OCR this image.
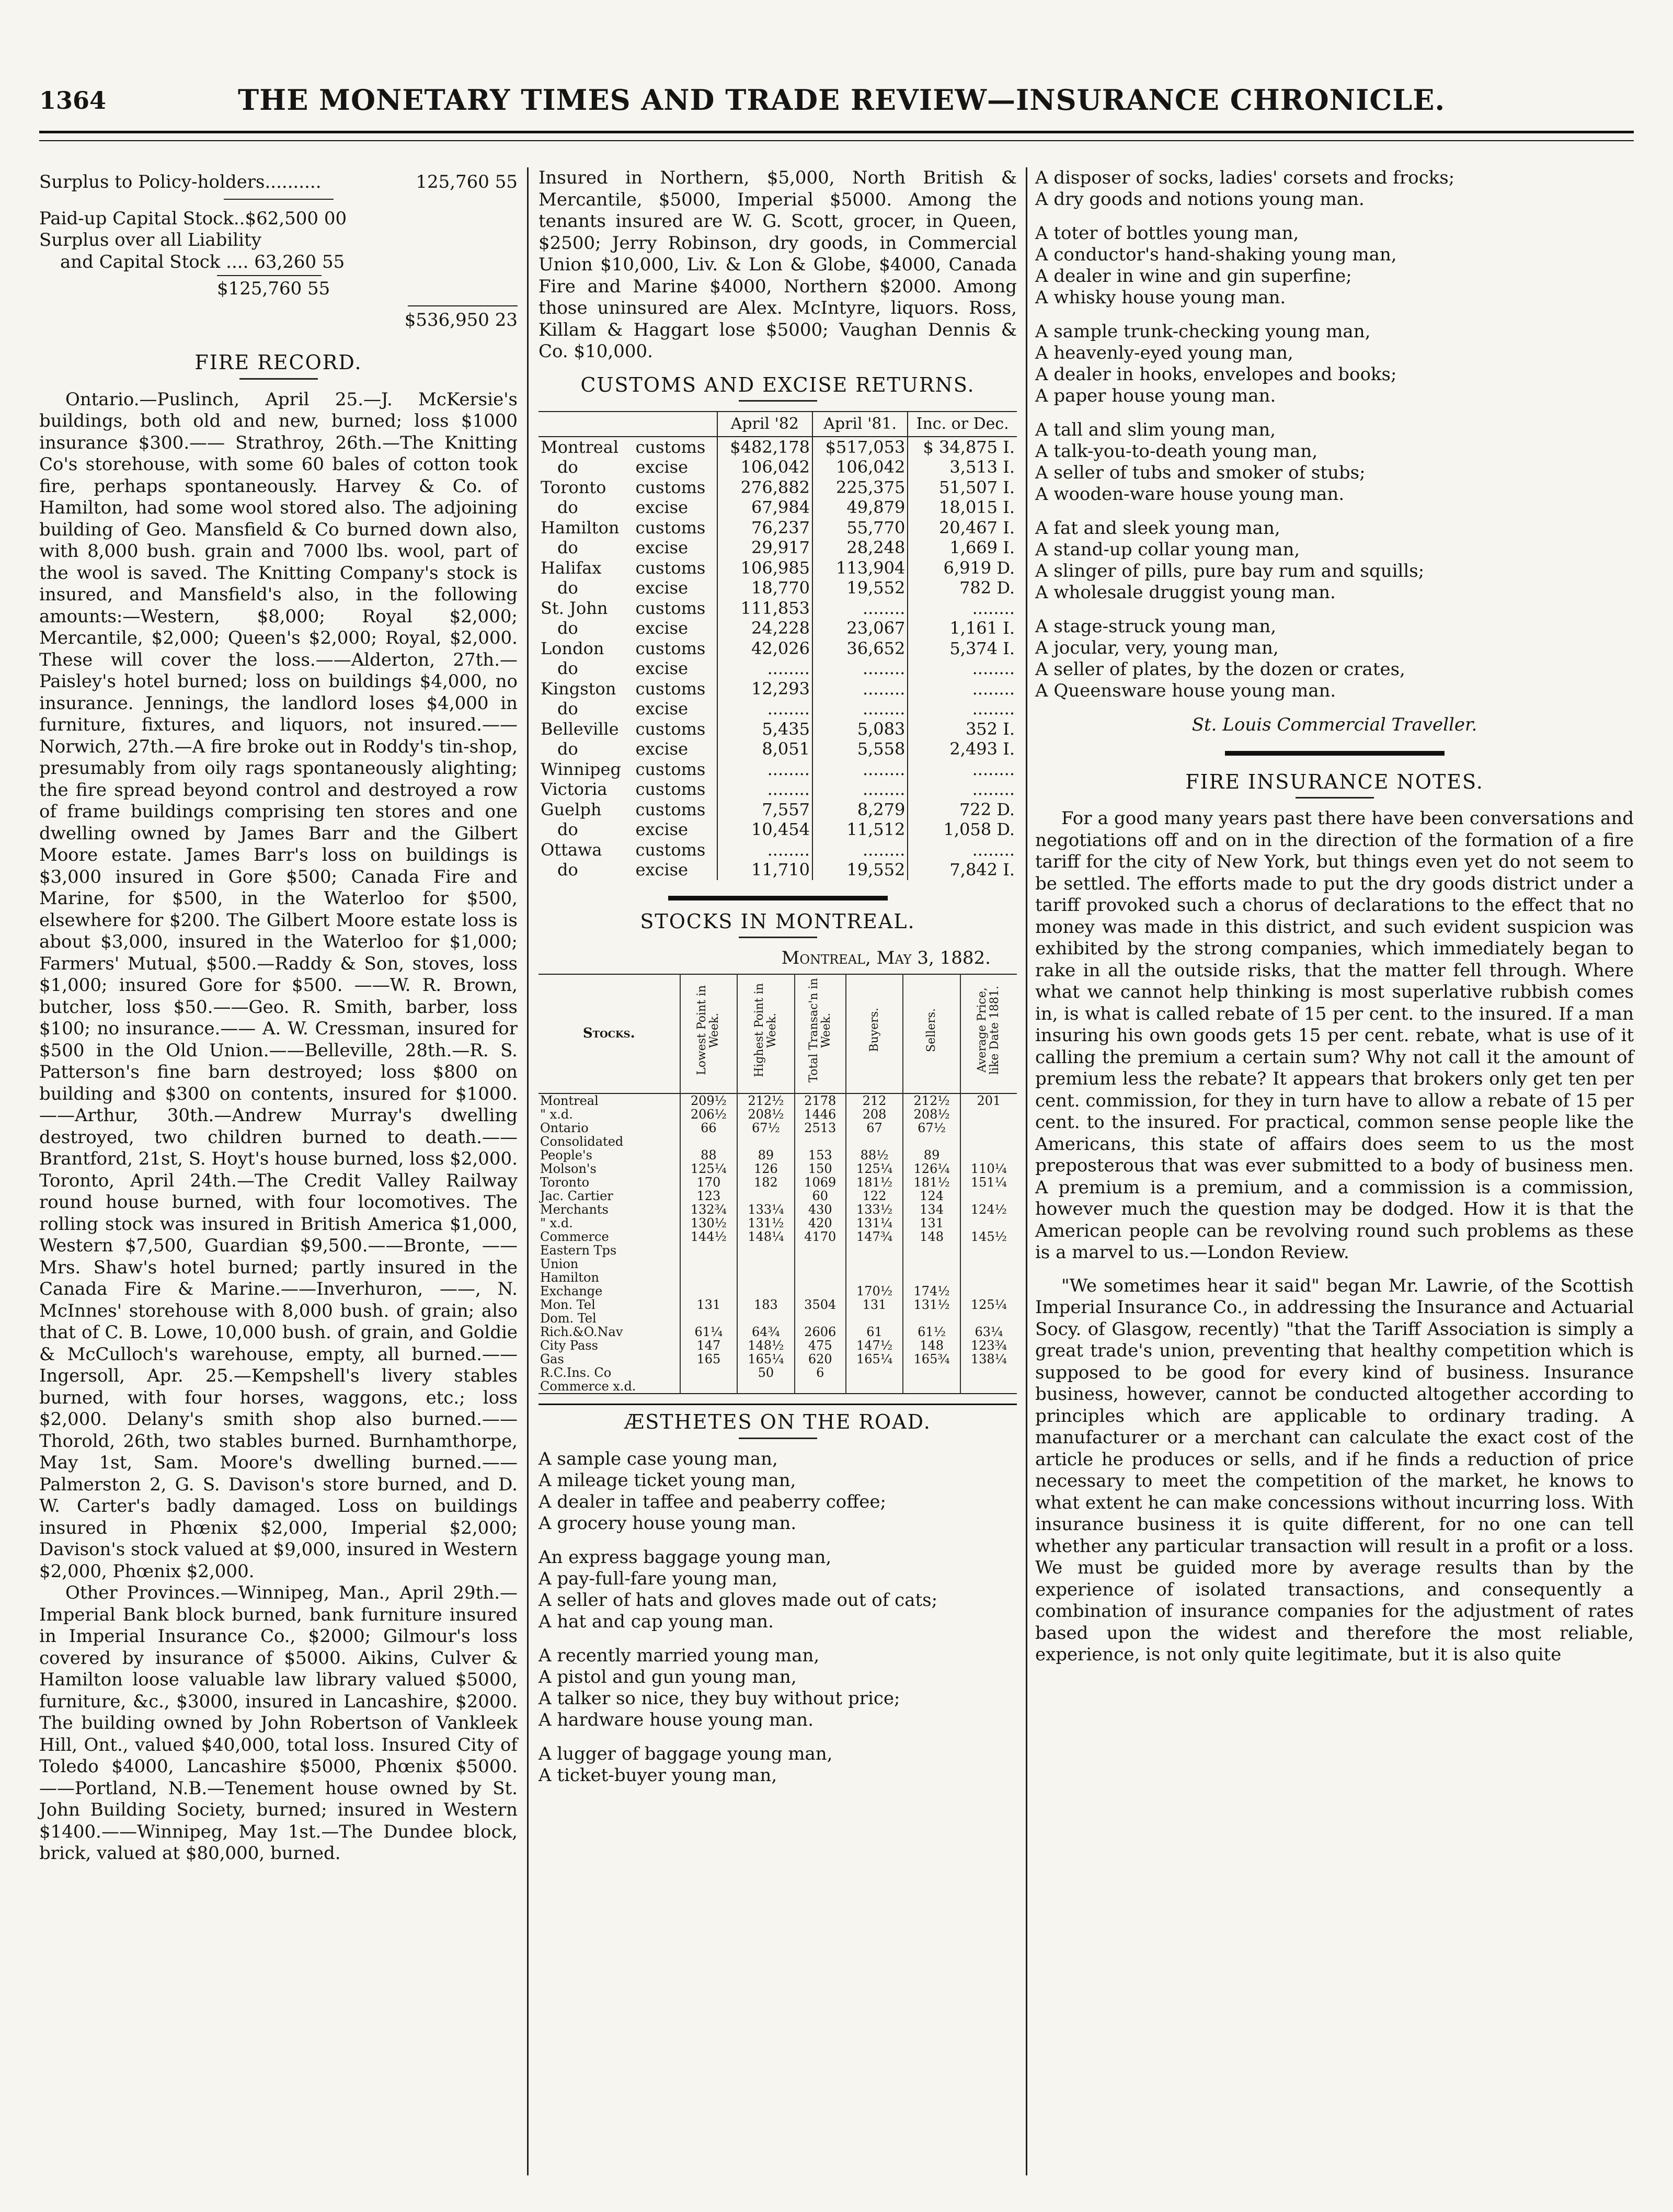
1364	THE MONETARY TIMES AND TRADE REVIEW—INSURANCE CHRONICLE.
Surplus to Policy-holders..........	125,760 55
Paid-up Capital Stock..$62,500 00
Surplus over all Liability
and Capital Stock .... 63,260 55
$125,760 55
$536,950 23
FIRE RECORD.

Ontario.—Puslinch, April 25.—J. McKersie's buildings, both old and new, burned; loss $1000 insurance $300.—— Strathroy, 26th.—The Knitting Co's storehouse, with some 60 bales of cotton took fire, perhaps spontaneously. Harvey & Co. of Hamilton, had some wool stored also. The adjoining building of Geo. Mansfield & Co burned down also, with 8,000 bush. grain and 7000 lbs. wool, part of the wool is saved. The Knitting Company's stock is insured, and Mansfield's also, in the following amounts:—Western, $8,000; Royal $2,000; Mercantile, $2,000; Queen's $2,000; Royal, $2,000. These will cover the loss.——Alderton, 27th.—Paisley's hotel burned; loss on buildings $4,000, no insurance. Jennings, the landlord loses $4,000 in furniture, fixtures, and liquors, not insured.——Norwich, 27th.—A fire broke out in Roddy's tin-shop, presumably from oily rags spontaneously alighting; the fire spread beyond control and destroyed a row of frame buildings comprising ten stores and one dwelling owned by James Barr and the Gilbert Moore estate. James Barr's loss on buildings is $3,000 insured in Gore $500; Canada Fire and Marine, for $500, in the Waterloo for $500, elsewhere for $200. The Gilbert Moore estate loss is about $3,000, insured in the Waterloo for $1,000; Farmers' Mutual, $500.—Raddy & Son, stoves, loss $1,000; insured Gore for $500. ——W. R. Brown, butcher, loss $50.——Geo. R. Smith, barber, loss $100; no insurance.—— A. W. Cressman, insured for $500 in the Old Union.——Belleville, 28th.—R. S. Patterson's fine barn destroyed; loss $800 on building and $300 on contents, insured for $1000.——Arthur, 30th.—Andrew Murray's dwelling destroyed, two children burned to death.——Brantford, 21st, S. Hoyt's house burned, loss $2,000. Toronto, April 24th.—The Credit Valley Railway round house burned, with four locomotives. The rolling stock was insured in British America $1,000, Western $7,500, Guardian $9,500.——Bronte, —— Mrs. Shaw's hotel burned; partly insured in the Canada Fire & Marine.——Inverhuron, ——, N. McInnes' storehouse with 8,000 bush. of grain; also that of C. B. Lowe, 10,000 bush. of grain, and Goldie & McCulloch's warehouse, empty, all burned.——Ingersoll, Apr. 25.—Kempshell's livery stables burned, with four horses, waggons, etc.; loss $2,000. Delany's smith shop also burned.——Thorold, 26th, two stables burned. Burnhamthorpe, May 1st, Sam. Moore's dwelling burned.——Palmerston 2, G. S. Davison's store burned, and D. W. Carter's badly damaged. Loss on buildings insured in Phœnix $2,000, Imperial $2,000; Davison's stock valued at $9,000, insured in Western $2,000, Phœnix $2,000.

Other Provinces.—Winnipeg, Man., April 29th.—Imperial Bank block burned, bank furniture insured in Imperial Insurance Co., $2000; Gilmour's loss covered by insurance of $5000. Aikins, Culver & Hamilton loose valuable law library valued $5000, furniture, &c., $3000, insured in Lancashire, $2000. The building owned by John Robertson of Vankleek Hill, Ont., valued $40,000, total loss. Insured City of Toledo $4000, Lancashire $5000, Phœnix $5000. ——Portland, N.B.—Tenement house owned by St. John Building Society, burned; insured in Western $1400.——Winnipeg, May 1st.—The Dundee block, brick, valued at $80,000, burned.

Insured in Northern, $5,000, North British & Mercantile, $5000, Imperial $5000. Among the tenants insured are W. G. Scott, grocer, in Queen, $2500; Jerry Robinson, dry goods, in Commercial Union $10,000, Liv. & Lon & Globe, $4000, Canada Fire and Marine $4000, Northern $2000. Among those uninsured are Alex. McIntyre, liquors. Ross, Killam & Haggart lose $5000; Vaughan Dennis & Co. $10,000.

CUSTOMS AND EXCISE RETURNS.
		April '82	April '81.	Inc. or Dec.
Montreal	customs	$482,178	$517,053	$ 34,875 I.
do	excise	106,042	106,042	3,513 I.
Toronto	customs	276,882	225,375	51,507 I.
do	excise	67,984	49,879	18,015 I.
Hamilton	customs	76,237	55,770	20,467 I.
do	excise	29,917	28,248	1,669 I.
Halifax	customs	106,985	113,904	6,919 D.
do	excise	18,770	19,552	782 D.
St. John	customs	111,853	........	........
do	excise	24,228	23,067	1,161 I.
London	customs	42,026	36,652	5,374 I.
do	excise	........	........	........
Kingston	customs	12,293	........	........
do	excise	........	........	........
Belleville	customs	5,435	5,083	352 I.
do	excise	8,051	5,558	2,493 I.
Winnipeg	customs	........	........	........
Victoria	customs	........	........	........
Guelph	customs	7,557	8,279	722 D.
do	excise	10,454	11,512	1,058 D.
Ottawa	customs	........	........	........
do	excise	11,710	19,552	7,842 I.
STOCKS IN MONTREAL.
Montreal, May 3, 1882.
Stocks.	Lowest Point in Week.	Highest Point in Week.	Total Transac'n in Week.	Buyers.	Sellers.	Average Price, like Date 1881.
Montreal	209½	212½	2178	212	212½	201
" x.d.	206½	208½	1446	208	208½	
Ontario	66	67½	2513	67	67½	
Consolidated						
People's	88	89	153	88½	89	
Molson's	125¼	126	150	125¼	126¼	110¼
Toronto	170	182	1069	181½	181½	151¼
Jac. Cartier	123		60	122	124	
Merchants	132¾	133¼	430	133½	134	124½
" x.d.	130½	131½	420	131¼	131	
Commerce	144½	148¼	4170	147¾	148	145½
Eastern Tps						
Union						
Hamilton						
Exchange				170½	174½	
Mon. Tel	131	183	3504	131	131½	125¼
Dom. Tel						
Rich.&O.Nav	61¼	64¾	2606	61	61½	63¼
City Pass	147	148½	475	147½	148	123¾
Gas	165	165¼	620	165¼	165¾	138¼
R.C.Ins. Co		50	6			
Commerce x.d.						
ÆSTHETES ON THE ROAD.
A sample case young man,
A mileage ticket young man,
A dealer in taffee and peaberry coffee;
A grocery house young man.
An express baggage young man,
A pay-full-fare young man,
A seller of hats and gloves made out of cats;
A hat and cap young man.
A recently married young man,
A pistol and gun young man,
A talker so nice, they buy without price;
A hardware house young man.
A lugger of baggage young man,
A ticket-buyer young man,
A disposer of socks, ladies' corsets and frocks;
A dry goods and notions young man.
A toter of bottles young man,
A conductor's hand-shaking young man,
A dealer in wine and gin superfine;
A whisky house young man.
A sample trunk-checking young man,
A heavenly-eyed young man,
A dealer in hooks, envelopes and books;
A paper house young man.
A tall and slim young man,
A talk-you-to-death young man,
A seller of tubs and smoker of stubs;
A wooden-ware house young man.
A fat and sleek young man,
A stand-up collar young man,
A slinger of pills, pure bay rum and squills;
A wholesale druggist young man.
A stage-struck young man,
A jocular, very, young man,
A seller of plates, by the dozen or crates,
A Queensware house young man.
St. Louis Commercial Traveller.
FIRE INSURANCE NOTES.

For a good many years past there have been conversations and negotiations off and on in the direction of the formation of a fire tariff for the city of New York, but things even yet do not seem to be settled. The efforts made to put the dry goods district under a tariff provoked such a chorus of declarations to the effect that no money was made in this district, and such evident suspicion was exhibited by the strong companies, which immediately began to rake in all the outside risks, that the matter fell through. Where what we cannot help thinking is most superlative rubbish comes in, is what is called rebate of 15 per cent. to the insured. If a man insuring his own goods gets 15 per cent. rebate, what is use of it calling the premium a certain sum? Why not call it the amount of premium less the rebate? It appears that brokers only get ten per cent. commission, for they in turn have to allow a rebate of 15 per cent. to the insured. For practical, common sense people like the Americans, this state of affairs does seem to us the most preposterous that was ever submitted to a body of business men. A premium is a premium, and a commission is a commission, however much the question may be dodged. How it is that the American people can be revolving round such problems as these is a marvel to us.—London Review.

"We sometimes hear it said" began Mr. Lawrie, of the Scottish Imperial Insurance Co., in addressing the Insurance and Actuarial Socy. of Glasgow, recently) "that the Tariff Association is simply a great trade's union, preventing that healthy competition which is supposed to be good for every kind of business. Insurance business, however, cannot be conducted altogether according to principles which are applicable to ordinary trading. A manufacturer or a merchant can calculate the exact cost of the article he produces or sells, and if he finds a reduction of price necessary to meet the competition of the market, he knows to what extent he can make concessions without incurring loss. With insurance business it is quite different, for no one can tell whether any particular transaction will result in a profit or a loss. We must be guided more by average results than by the experience of isolated transactions, and consequently a combination of insurance companies for the adjustment of rates based upon the widest and therefore the most reliable, experience, is not only quite legitimate, but it is also quite
